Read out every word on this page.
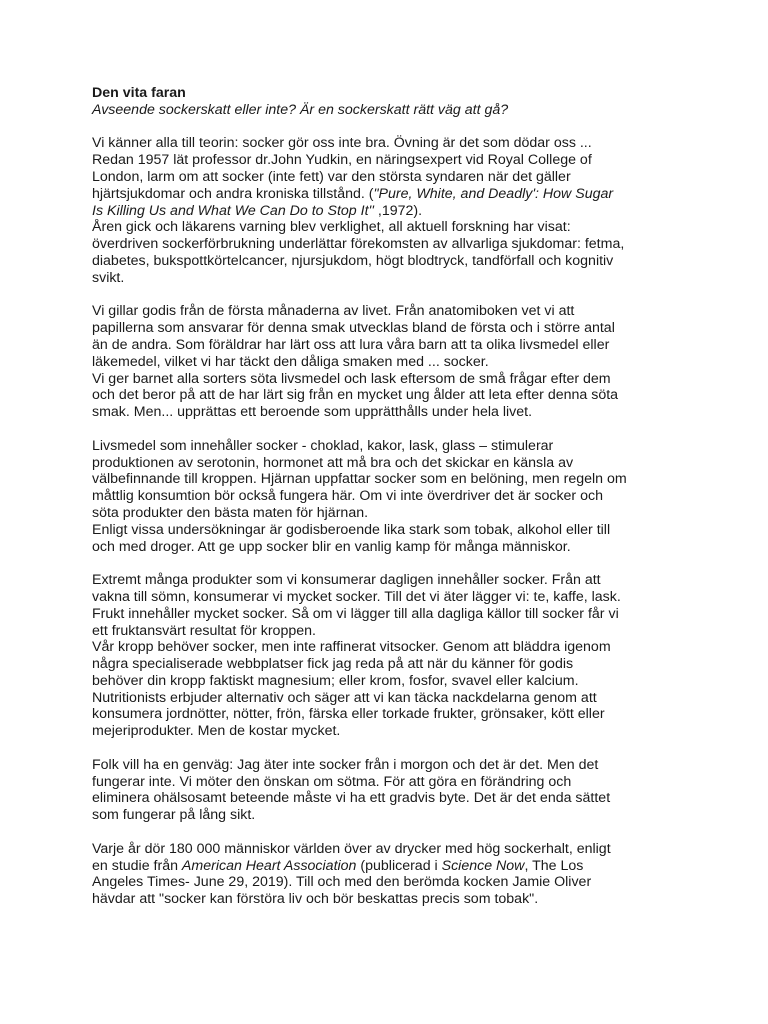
Den vita faran

Avseende sockerskatt eller inte? Är en sockerskatt rätt väg att gå?

Vi känner alla till teorin: socker gör oss inte bra. Övning är det som dödar oss ...
Redan 1957 lät professor dr.John Yudkin, en näringsexpert vid Royal College of
London, larm om att socker (inte fett) var den största syndaren när det gäller
hjärtsjukdomar och andra kroniska tillstånd. ("Pure, White, and Deadly': How Sugar
Is Killing Us and What We Can Do to Stop It'' ,1972).
Åren gick och läkarens varning blev verklighet, all aktuell forskning har visat:
överdriven sockerförbrukning underlättar förekomsten av allvarliga sjukdomar: fetma,
diabetes, bukspottkörtelcancer, njursjukdom, högt blodtryck, tandförfall och kognitiv
svikt.
Vi gillar godis från de första månaderna av livet. Från anatomiboken vet vi att
papillerna som ansvarar för denna smak utvecklas bland de första och i större antal
än de andra. Som föräldrar har lärt oss att lura våra barn att ta olika livsmedel eller
läkemedel, vilket vi har täckt den dåliga smaken med ... socker.
Vi ger barnet alla sorters söta livsmedel och lask eftersom de små frågar efter dem
och det beror på att de har lärt sig från en mycket ung ålder att leta efter denna söta
smak. Men... upprättas ett beroende som upprätthålls under hela livet.
Livsmedel som innehåller socker - choklad, kakor, lask, glass – stimulerar
produktionen av serotonin, hormonet att må bra och det skickar en känsla av
välbefinnande till kroppen. Hjärnan uppfattar socker som en belöning, men regeln om
måttlig konsumtion bör också fungera här. Om vi inte överdriver det är socker och
söta produkter den bästa maten för hjärnan.
Enligt vissa undersökningar är godisberoende lika stark som tobak, alkohol eller till
och med droger. Att ge upp socker blir en vanlig kamp för många människor.
Extremt många produkter som vi konsumerar dagligen innehåller socker. Från att
vakna till sömn, konsumerar vi mycket socker. Till det vi äter lägger vi: te, kaffe, lask.
Frukt innehåller mycket socker. Så om vi lägger till alla dagliga källor till socker får vi
ett fruktansvärt resultat för kroppen.
Vår kropp behöver socker, men inte raffinerat vitsocker. Genom att bläddra igenom
några specialiserade webbplatser fick jag reda på att när du känner för godis
behöver din kropp faktiskt magnesium; eller krom, fosfor, svavel eller kalcium.
Nutritionists erbjuder alternativ och säger att vi kan täcka nackdelarna genom att
konsumera jordnötter, nötter, frön, färska eller torkade frukter, grönsaker, kött eller
mejeriprodukter. Men de kostar mycket.
Folk vill ha en genväg: Jag äter inte socker från i morgon och det är det. Men det
fungerar inte. Vi möter den önskan om sötma. För att göra en förändring och
eliminera ohälsosamt beteende måste vi ha ett gradvis byte. Det är det enda sättet
som fungerar på lång sikt.
Varje år dör 180 000 människor världen över av drycker med hög sockerhalt, enligt
en studie från American Heart Association (publicerad i Science Now, The Los
Angeles Times- June 29, 2019). Till och med den berömda kocken Jamie Oliver
hävdar att "socker kan förstöra liv och bör beskattas precis som tobak".
